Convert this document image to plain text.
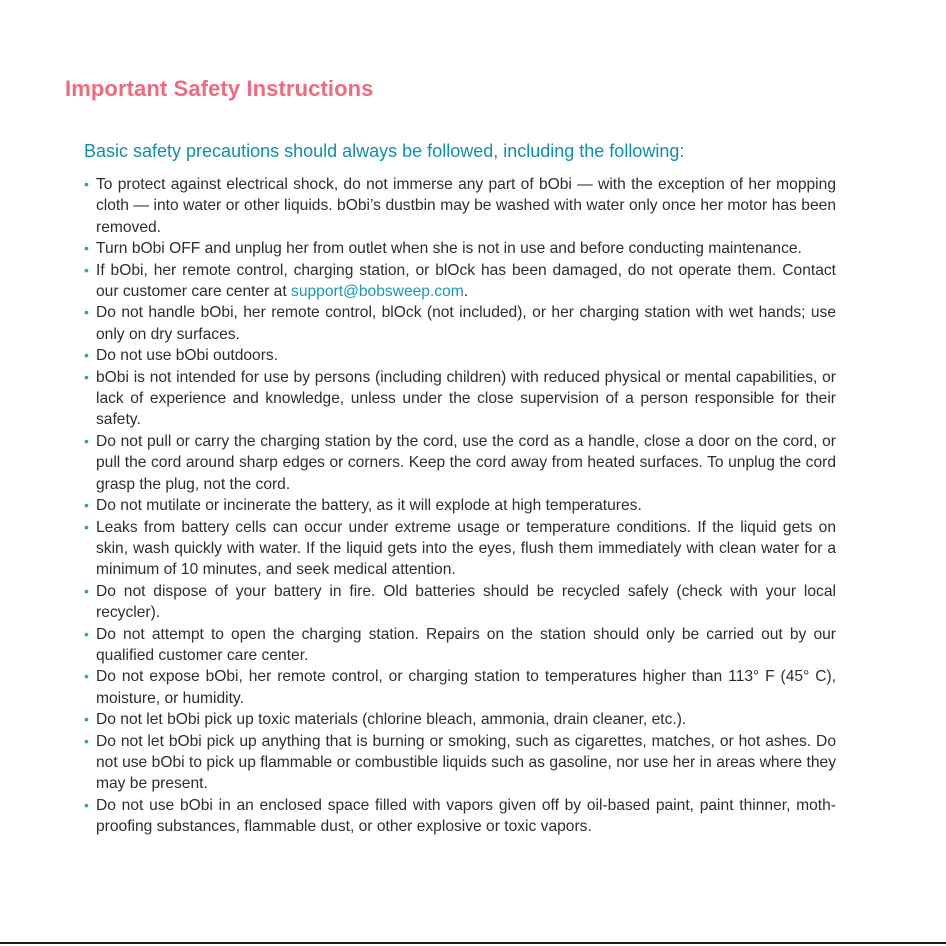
Important Safety Instructions
Basic safety precautions should always be followed, including the following:
• To protect against electrical shock, do not immerse any part of bObi — with the exception of her mopping cloth — into water or other liquids. bObi’s dustbin may be washed with water only once her motor has been removed.
• Turn bObi OFF and unplug her from outlet when she is not in use and before conducting maintenance.
• If bObi, her remote control, charging station, or blOck has been damaged, do not operate them. Contact our customer care center at support@bobsweep.com.
• Do not handle bObi, her remote control, blOck (not included), or her charging station with wet hands; use only on dry surfaces.
• Do not use bObi outdoors.
• bObi is not intended for use by persons (including children) with reduced physical or mental capabilities, or lack of experience and knowledge, unless under the close supervision of a person responsible for their safety.
• Do not pull or carry the charging station by the cord, use the cord as a handle, close a door on the cord, or pull the cord around sharp edges or corners. Keep the cord away from heated surfaces. To unplug the cord grasp the plug, not the cord.
• Do not mutilate or incinerate the battery, as it will explode at high temperatures.
• Leaks from battery cells can occur under extreme usage or temperature conditions. If the liquid gets on skin, wash quickly with water. If the liquid gets into the eyes, flush them immediately with clean water for a minimum of 10 minutes, and seek medical attention.
• Do not dispose of your battery in fire. Old batteries should be recycled safely (check with your local recycler).
• Do not attempt to open the charging station. Repairs on the station should only be carried out by our qualified customer care center.
• Do not expose bObi, her remote control, or charging station to temperatures higher than 113° F (45° C), moisture, or humidity.
• Do not let bObi pick up toxic materials (chlorine bleach, ammonia, drain cleaner, etc.).
• Do not let bObi pick up anything that is burning or smoking, such as cigarettes, matches, or hot ashes. Do not use bObi to pick up flammable or combustible liquids such as gasoline, nor use her in areas where they may be present.
• Do not use bObi in an enclosed space filled with vapors given off by oil-based paint, paint thinner, moth-proofing substances, flammable dust, or other explosive or toxic vapors.
